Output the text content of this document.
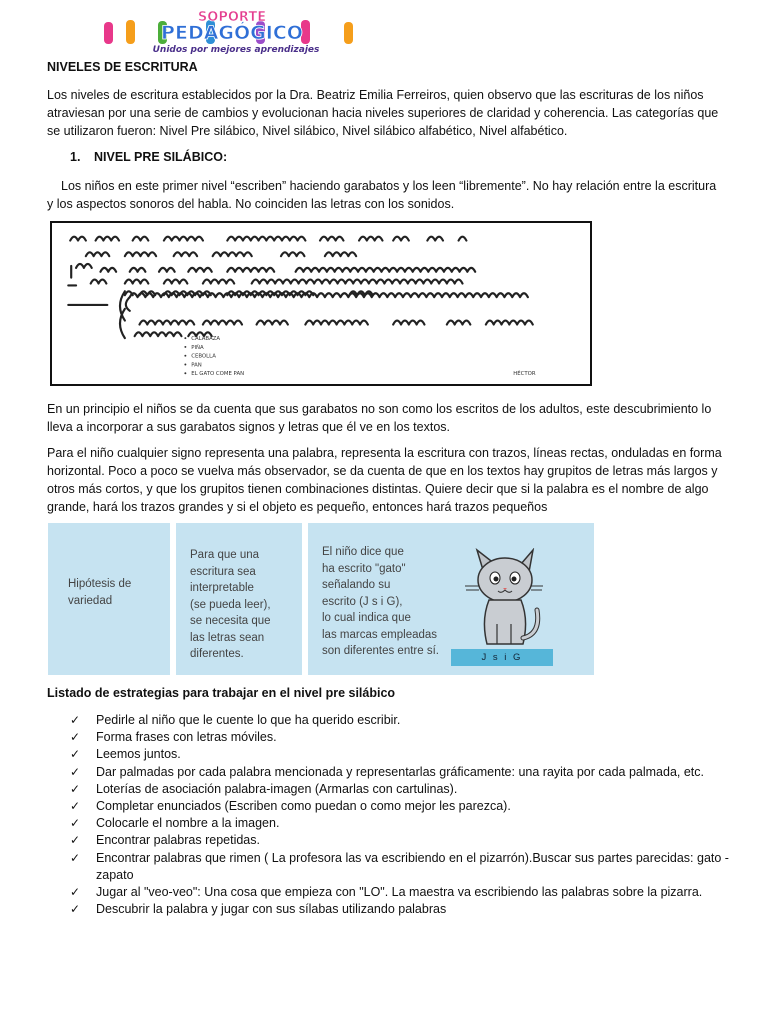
SOPORTE
PEDAGÓGICO
Unidos por mejores aprendizajes
NIVELES DE ESCRITURA

Los niveles de escritura establecidos por la Dra. Beatriz Emilia Ferreiros, quien observo que las escrituras de los niños atraviesan por una serie de cambios y evolucionan hacia niveles superiores de claridad y coherencia. Las categorías que se utilizaron fueron: Nivel Pre silábico, Nivel silábico, Nivel silábico alfabético, Nivel alfabético.

1. NIVEL PRE SILÁBICO:

Los niños en este primer nivel “escriben” haciendo garabatos y los leen “libremente”. No hay relación entre la escritura y los aspectos sonoros del habla. No coinciden las letras con los sonidos.

CALABAZA
PIÑA
CEBOLLA
PAN
EL GATO COME PAN	HÉCTOR

En un principio el niños se da cuenta que sus garabatos no son como los escritos de los adultos, este descubrimiento lo lleva a incorporar a sus garabatos signos y letras que él ve en los textos.

Para el niño cualquier signo representa una palabra, representa la escritura con trazos, líneas rectas, onduladas en forma horizontal. Poco a poco se vuelva más observador, se da cuenta de que en los textos hay grupitos de letras más largos y otros más cortos, y que los grupitos tienen combinaciones distintas. Quiere decir que si la palabra es el nombre de algo grande, hará los trazos grandes y si el objeto es pequeño, entonces hará trazos pequeños

Hipótesis de
variedad
Para que una
escritura sea
interpretable
(se pueda leer),
se necesita que
las letras sean
diferentes.
El niño dice que
ha escrito "gato"
señalando su
escrito (J s i G),
lo cual indica que
las marcas empleadas
son diferentes entre sí.
J s i G
Listado de estrategias para trabajar en el nivel pre silábico
✓ Pedirle al niño que le cuente lo que ha querido escribir.
✓ Forma frases con letras móviles.
✓ Leemos juntos.
✓ Dar palmadas por cada palabra mencionada y representarlas gráficamente: una rayita por cada palmada, etc.
✓ Loterías de asociación palabra-imagen (Armarlas con cartulinas).
✓ Completar enunciados (Escriben como puedan o como mejor les parezca).
✓ Colocarle el nombre a la imagen.
✓ Encontrar palabras repetidas.
✓ Encontrar palabras que rimen ( La profesora las va escribiendo en el pizarrón).Buscar sus partes parecidas: gato - zapato
✓ Jugar al "veo-veo": Una cosa que empieza con "LO". La maestra va escribiendo las palabras sobre la pizarra.
✓ Descubrir la palabra y jugar con sus sílabas utilizando palabras
